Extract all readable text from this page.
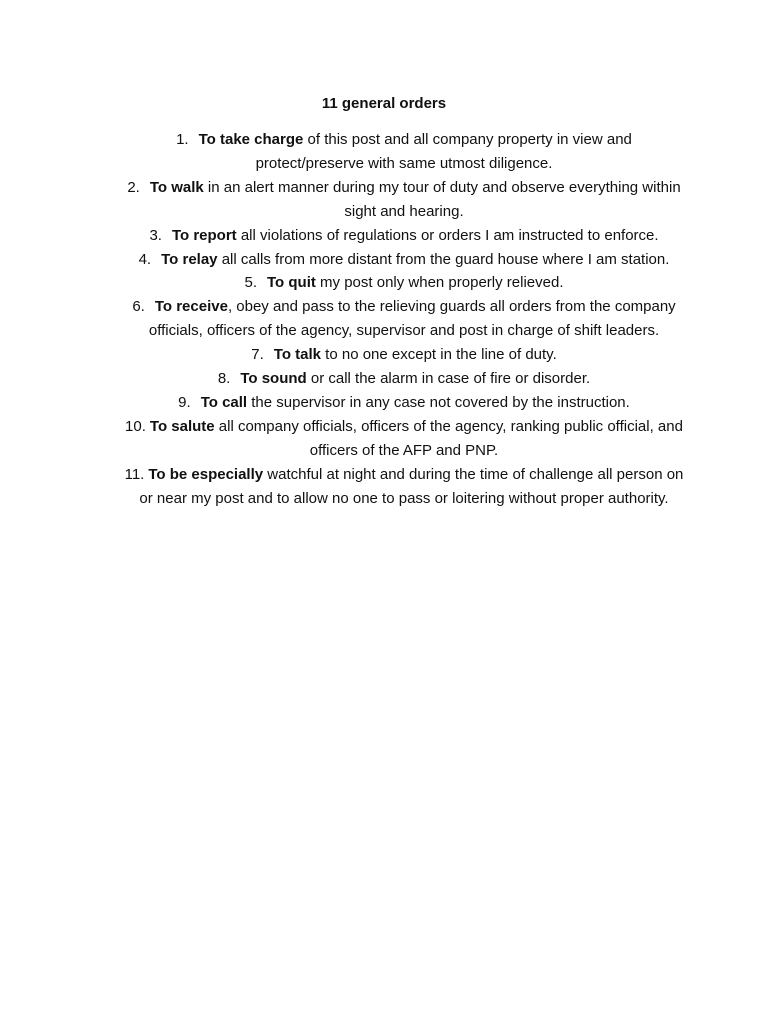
11 general orders
1. To take charge of this post and all company property in view and protect/preserve with same utmost diligence.
2. To walk in an alert manner during my tour of duty and observe everything within sight and hearing.
3. To report all violations of regulations or orders I am instructed to enforce.
4. To relay all calls from more distant from the guard house where I am station.
5. To quit my post only when properly relieved.
6. To receive, obey and pass to the relieving guards all orders from the company officials, officers of the agency, supervisor and post in charge of shift leaders.
7. To talk to no one except in the line of duty.
8. To sound or call the alarm in case of fire or disorder.
9. To call the supervisor in any case not covered by the instruction.
10. To salute all company officials, officers of the agency, ranking public official, and officers of the AFP and PNP.
11. To be especially watchful at night and during the time of challenge all person on or near my post and to allow no one to pass or loitering without proper authority.
